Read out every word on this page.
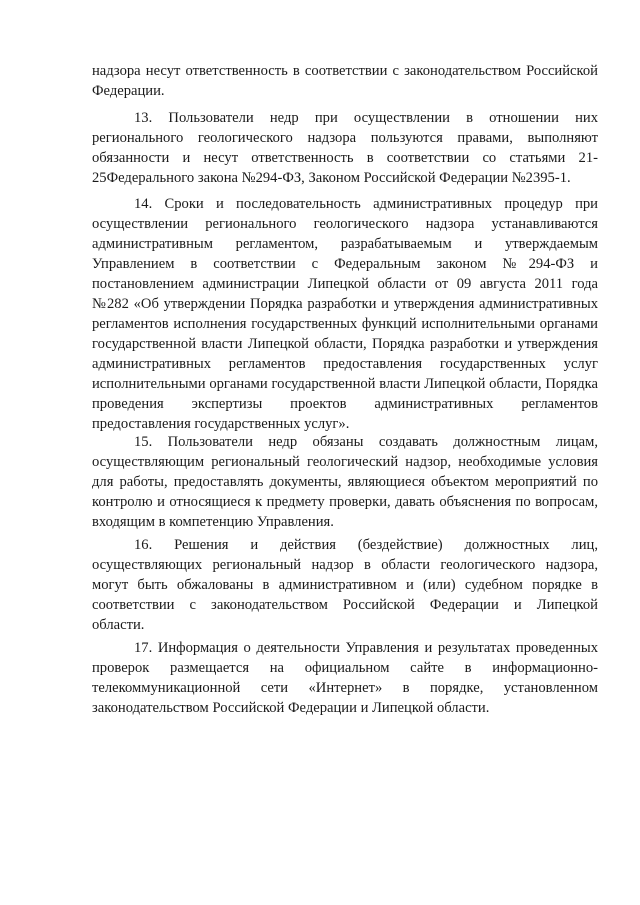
надзора несут ответственность в соответствии с законодательством Российской Федерации.

13. Пользователи недр при осуществлении в отношении них регионального геологического надзора пользуются правами, выполняют обязанности и несут ответственность в соответствии со статьями 21-25Федерального закона №294-ФЗ, Законом Российской Федерации №2395-1.

14. Сроки и последовательность административных процедур при осуществлении регионального геологического надзора устанавливаются административным регламентом, разрабатываемым и утверждаемым Управлением в соответствии с Федеральным законом №294-ФЗ и постановлением администрации Липецкой области от 09 августа 2011 года №282 «Об утверждении Порядка разработки и утверждения административных регламентов исполнения государственных функций исполнительными органами государственной власти Липецкой области, Порядка разработки и утверждения административных регламентов предоставления государственных услуг исполнительными органами государственной власти Липецкой области, Порядка проведения экспертизы проектов административных регламентов предоставления государственных услуг».

15. Пользователи недр обязаны создавать должностным лицам, осуществляющим региональный геологический надзор, необходимые условия для работы, предоставлять документы, являющиеся объектом мероприятий по контролю и относящиеся к предмету проверки, давать объяснения по вопросам, входящим в компетенцию Управления.

16. Решения и действия (бездействие) должностных лиц, осуществляющих региональный надзор в области геологического надзора, могут быть обжалованы в административном и (или) судебном порядке в соответствии с законодательством Российской Федерации и Липецкой области.

17. Информация о деятельности Управления и результатах проведенных проверок размещается на официальном сайте в информационно-телекоммуникационной сети «Интернет» в порядке, установленном законодательством Российской Федерации и Липецкой области.
